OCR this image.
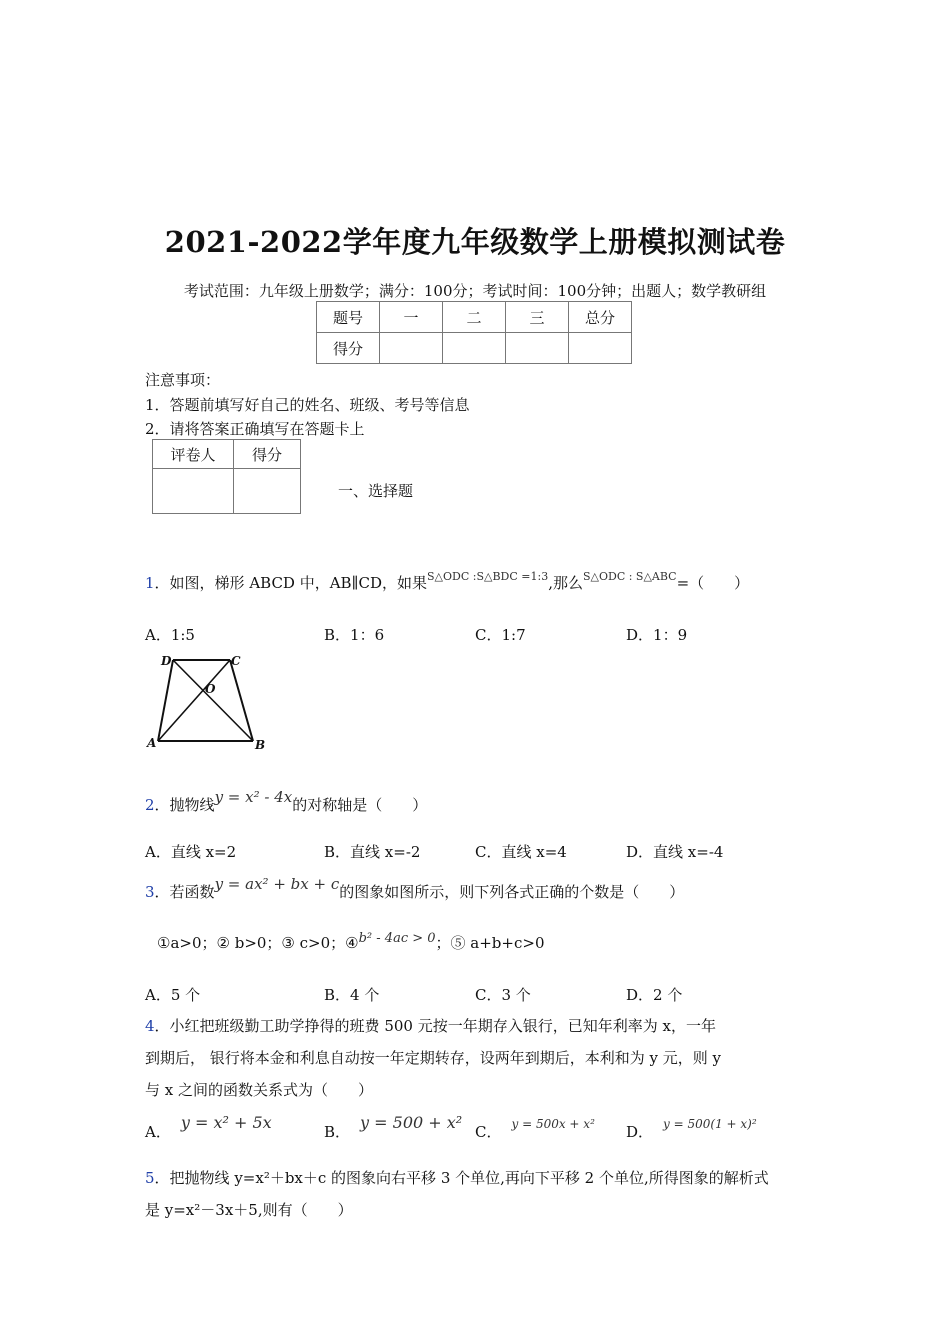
2021-2022学年度九年级数学上册模拟测试卷
考试范围：九年级上册数学；满分：100分；考试时间：100分钟；出题人；数学教研组
题号	一	二	三	总分
得分				
注意事项：
1．答题前填写好自己的姓名、班级、考号等信息
2．请将答案正确填写在答题卡上
评卷人	得分

一、选择题
1．如图，梯形 ABCD 中，AB∥CD，如果$^{S\triangle ODC :S\triangle BDC =1:3}$,那么$^{S\triangle ODC : S\triangle ABC}$=（　　）
A．1:5	B．1：6	C．1:7	D．1：9
D	C
O
A	B
2．抛物线y = x² - 4x的对称轴是（　　）
A．直线 x=2	B．直线 x=-2	C．直线 x=4	D．直线 x=-4
3．若函数y = ax² + bx + c的图象如图所示，则下列各式正确的个数是（　　）
①a>0；② b>0；③ c>0；④b² - 4ac > 0；⑤ a+b+c>0
A．5 个	B．4 个	C．3 个	D．2 个
4．小红把班级勤工助学挣得的班费 500 元按一年期存入银行，已知年利率为 x，一年
到期后， 银行将本金和利息自动按一年定期转存，设两年到期后，本利和为 y 元，则 y
与 x 之间的函数关系式为（　　）
A． y = x² + 5x	B． y = 500 + x² C． $^{y = 500x + x^2}$ D． $^{y = 500(1 + x)^2}$
5．把抛物线 y=x²＋bx＋c 的图象向右平移 3 个单位,再向下平移 2 个单位,所得图象的解析式
是 y=x²－3x＋5,则有（　　）
